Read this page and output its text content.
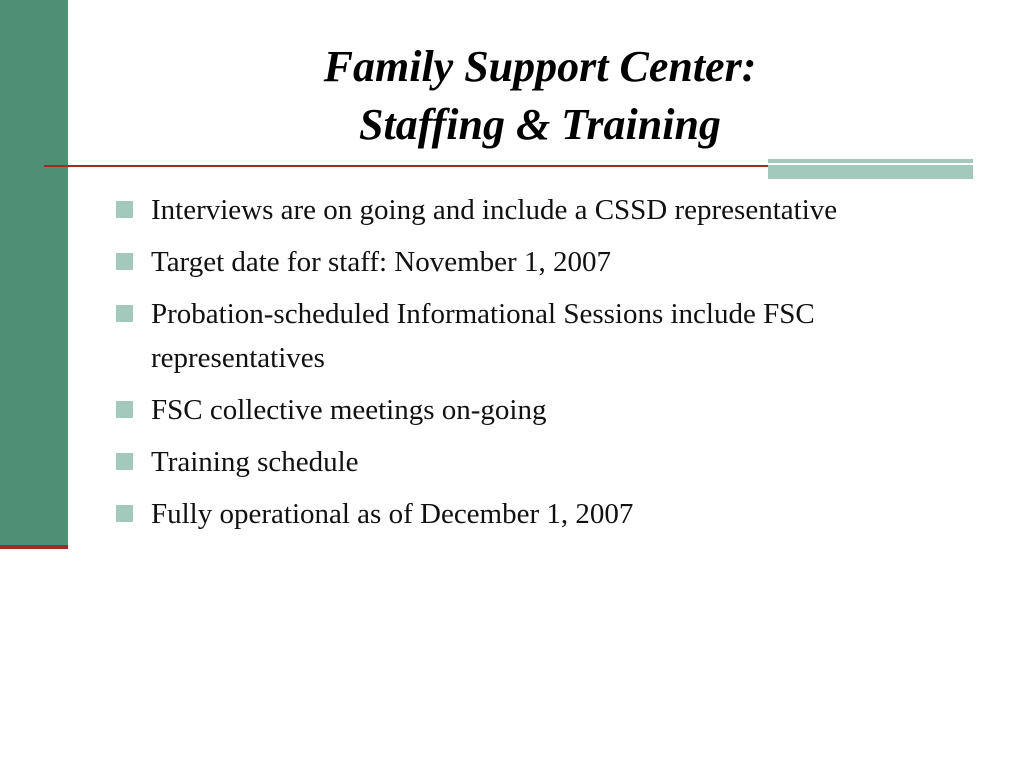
Family Support Center:
Staffing & Training
Interviews are on going and include a CSSD representative
Target date for staff: November 1, 2007
Probation-scheduled Informational Sessions include FSC representatives
FSC collective meetings on-going
Training schedule
Fully operational as of December 1, 2007
